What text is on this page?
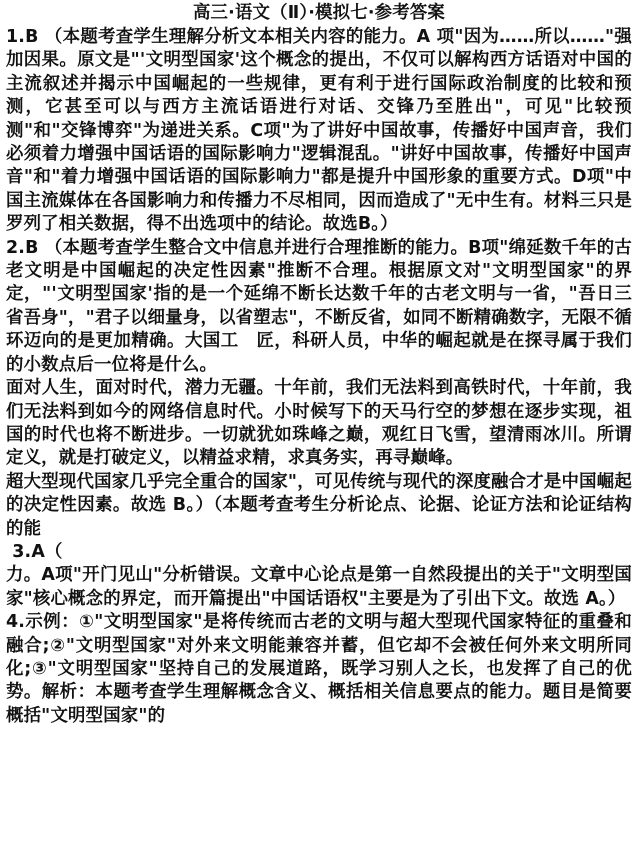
高三·语文（Ⅱ）·模拟七·参考答案
1.B （本题考查学生理解分析文本相关内容的能力。A 项"因为……所以……"强加因果。原文是"'文明型国家'这个概念的提出，不仅可以解构西方话语对中国的主流叙述并揭示中国崛起的一些规律，更有利于进行国际政治制度的比较和预测，它甚至可以与西方主流话语进行对话、交锋乃至胜出"，可见"比较预测"和"交锋博弈"为递进关系。C项"为了讲好中国故事，传播好中国声音，我们必须着力增强中国话语的国际影响力"逻辑混乱。"讲好中国故事，传播好中国声音"和"着力增强中国话语的国际影响力"都是提升中国形象的重要方式。D项"中国主流媒体在各国影响力和传播力不尽相同，因而造成了"无中生有。材料三只是罗列了相关数据，得不出选项中的结论。故选B。）
2.B （本题考查学生整合文中信息并进行合理推断的能力。B项"绵延数千年的古老文明是中国崛起的决定性因素"推断不合理。根据原文对"文明型国家"的界定，"'文明型国家'指的是一个延绵不断长达数千年的古老文明与一省，"吾日三省吾身"，"君子以细量身，以省塑志"，不断反省，如同不断精确数字，无限不循环迈向的是更加精确。大国工　匠，科研人员，中华的崛起就是在探寻属于我们的小数点后一位将是什么。
面对人生，面对时代，潜力无疆。十年前，我们无法料到高铁时代，十年前，我们无法料到如今的网络信息时代。小时候写下的天马行空的梦想在逐步实现，祖国的时代也将不断进步。一切就犹如珠峰之巅，观红日飞雪，望清雨冰川。所谓定义，就是打破定义，以精益求精，求真务实，再寻巅峰。
超大型现代国家几乎完全重合的国家"，可见传统与现代的深度融合才是中国崛起的决定性因素。故选 B。）（本题考查考生分析论点、论据、论证方法和论证结构的能
3.A（
力。A项"开门见山"分析错误。文章中心论点是第一自然段提出的关于"文明型国家"核心概念的界定，而开篇提出"中国话语权"主要是为了引出下文。故选 A。）
4.示例：①"文明型国家"是将传统而古老的文明与超大型现代国家特征的重叠和融合;②"文明型国家"对外来文明能兼容并蓄，但它却不会被任何外来文明所同化;③"文明型国家"坚持自己的发展道路，既学习别人之长，也发挥了自己的优势。解析：本题考查学生理解概念含义、概括相关信息要点的能力。题目是简要概括"文明型国家"的
